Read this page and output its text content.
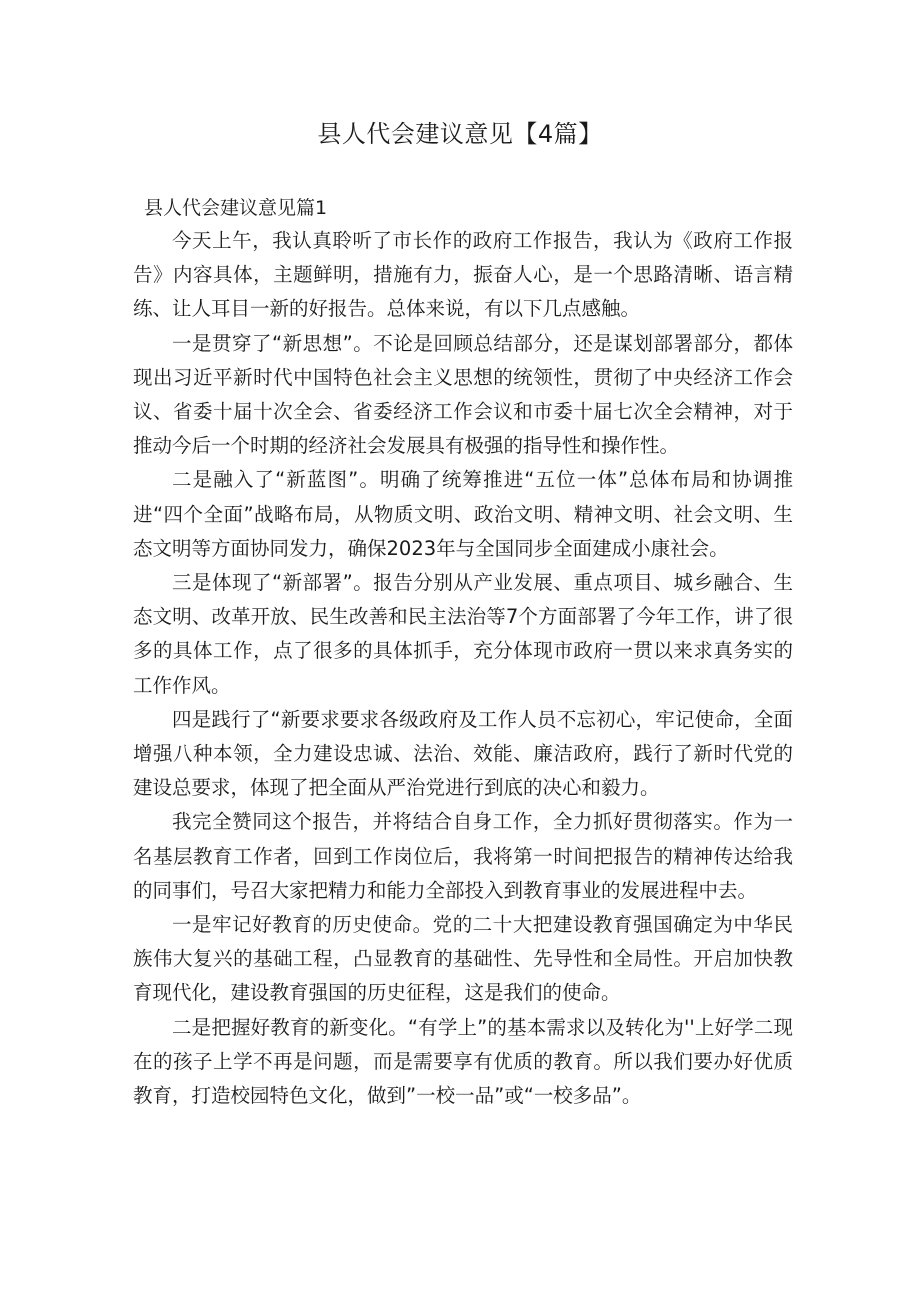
县人代会建议意见【4篇】
县人代会建议意见篇1

今天上午，我认真聆听了市长作的政府工作报告，我认为《政府工作报告》内容具体，主题鲜明，措施有力，振奋人心，是一个思路清晰、语言精练、让人耳目一新的好报告。总体来说，有以下几点感触。

一是贯穿了“新思想”。不论是回顾总结部分，还是谋划部署部分，都体现出习近平新时代中国特色社会主义思想的统领性，贯彻了中央经济工作会议、省委十届十次全会、省委经济工作会议和市委十届七次全会精神，对于推动今后一个时期的经济社会发展具有极强的指导性和操作性。

二是融入了“新蓝图”。明确了统筹推进“五位一体”总体布局和协调推进“四个全面”战略布局，从物质文明、政治文明、精神文明、社会文明、生态文明等方面协同发力，确保2023年与全国同步全面建成小康社会。

三是体现了“新部署”。报告分别从产业发展、重点项目、城乡融合、生态文明、改革开放、民生改善和民主法治等7个方面部署了今年工作，讲了很多的具体工作，点了很多的具体抓手，充分体现市政府一贯以来求真务实的工作作风。

四是践行了“新要求要求各级政府及工作人员不忘初心，牢记使命，全面增强八种本领，全力建设忠诚、法治、效能、廉洁政府，践行了新时代党的建设总要求，体现了把全面从严治党进行到底的决心和毅力。

我完全赞同这个报告，并将结合自身工作，全力抓好贯彻落实。作为一名基层教育工作者，回到工作岗位后，我将第一时间把报告的精神传达给我的同事们，号召大家把精力和能力全部投入到教育事业的发展进程中去。

一是牢记好教育的历史使命。党的二十大把建设教育强国确定为中华民族伟大复兴的基础工程，凸显教育的基础性、先导性和全局性。开启加快教育现代化，建设教育强国的历史征程，这是我们的使命。

二是把握好教育的新变化。“有学上”的基本需求以及转化为''上好学二现在的孩子上学不再是问题，而是需要享有优质的教育。所以我们要办好优质教育，打造校园特色文化，做到”一校一品”或“一校多品”。
